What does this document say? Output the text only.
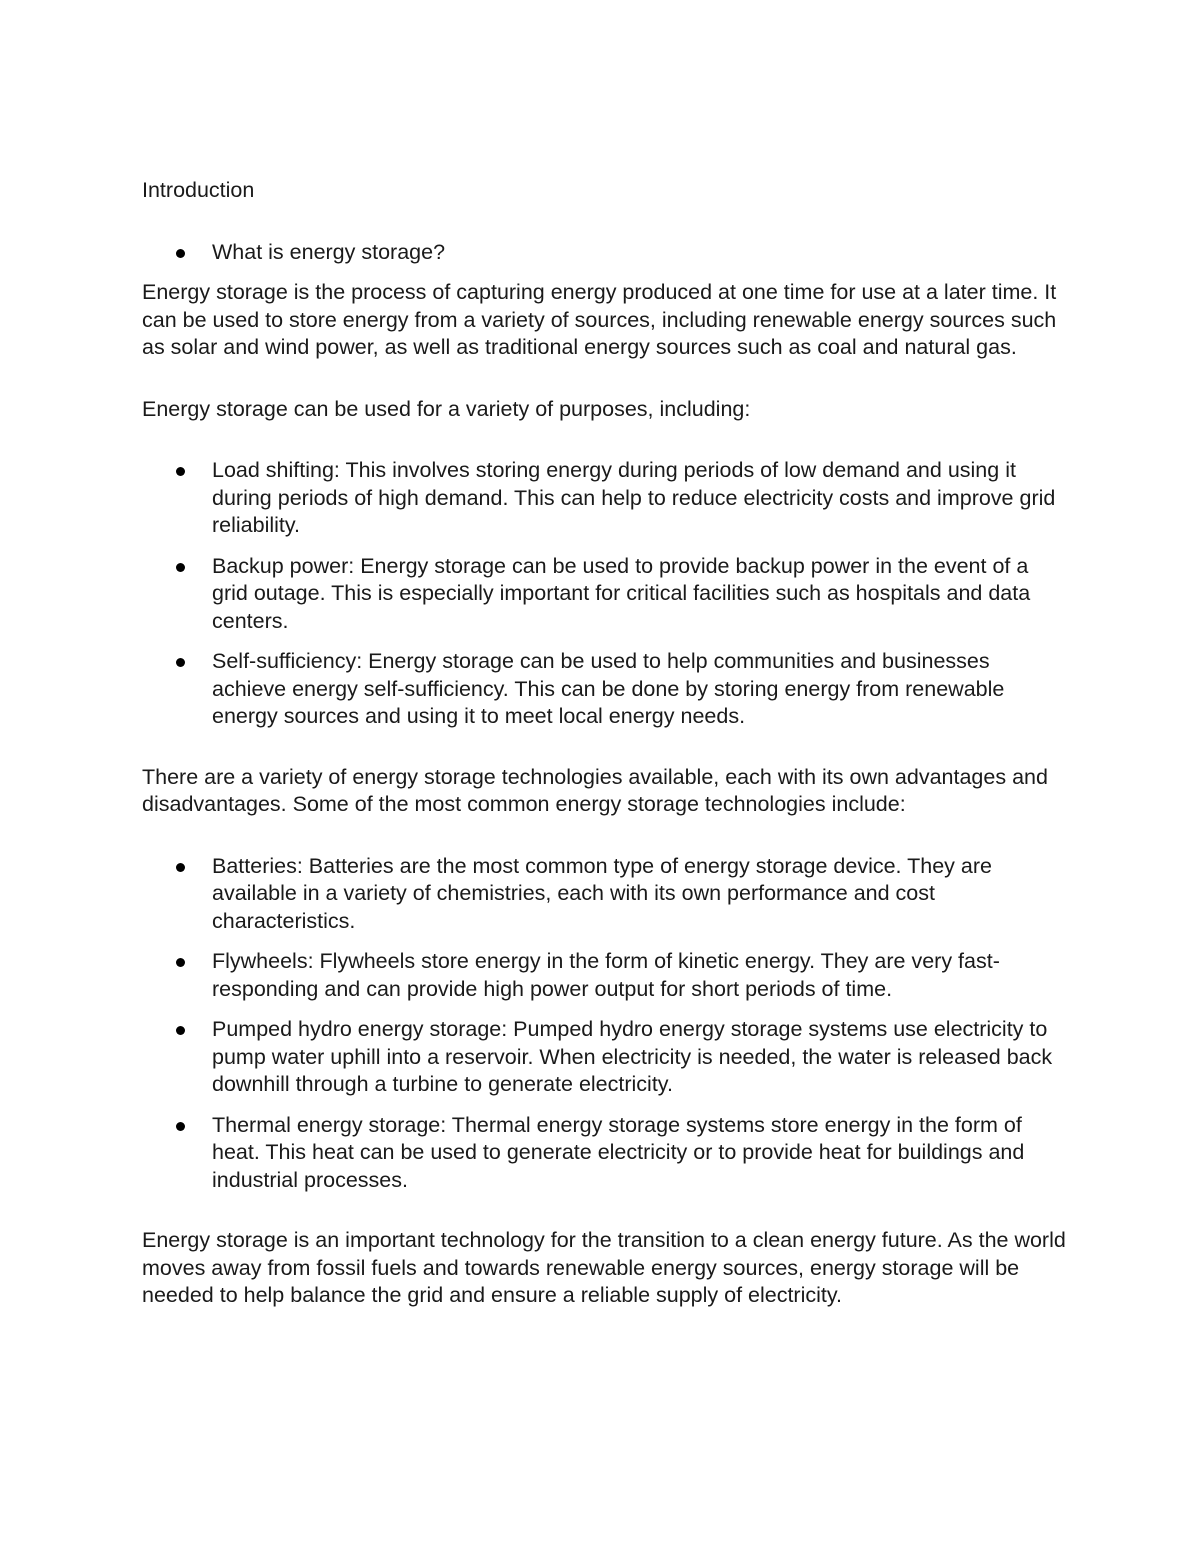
Introduction
What is energy storage?

Energy storage is the process of capturing energy produced at one time for use at a later time. It can be used to store energy from a variety of sources, including renewable energy sources such as solar and wind power, as well as traditional energy sources such as coal and natural gas.

Energy storage can be used for a variety of purposes, including:

Load shifting: This involves storing energy during periods of low demand and using it during periods of high demand. This can help to reduce electricity costs and improve grid reliability.
Backup power: Energy storage can be used to provide backup power in the event of a grid outage. This is especially important for critical facilities such as hospitals and data centers.
Self-sufficiency: Energy storage can be used to help communities and businesses achieve energy self-sufficiency. This can be done by storing energy from renewable energy sources and using it to meet local energy needs.

There are a variety of energy storage technologies available, each with its own advantages and disadvantages. Some of the most common energy storage technologies include:

Batteries: Batteries are the most common type of energy storage device. They are available in a variety of chemistries, each with its own performance and cost characteristics.
Flywheels: Flywheels store energy in the form of kinetic energy. They are very fast-responding and can provide high power output for short periods of time.
Pumped hydro energy storage: Pumped hydro energy storage systems use electricity to pump water uphill into a reservoir. When electricity is needed, the water is released back downhill through a turbine to generate electricity.
Thermal energy storage: Thermal energy storage systems store energy in the form of heat. This heat can be used to generate electricity or to provide heat for buildings and industrial processes.

Energy storage is an important technology for the transition to a clean energy future. As the world moves away from fossil fuels and towards renewable energy sources, energy storage will be needed to help balance the grid and ensure a reliable supply of electricity.
